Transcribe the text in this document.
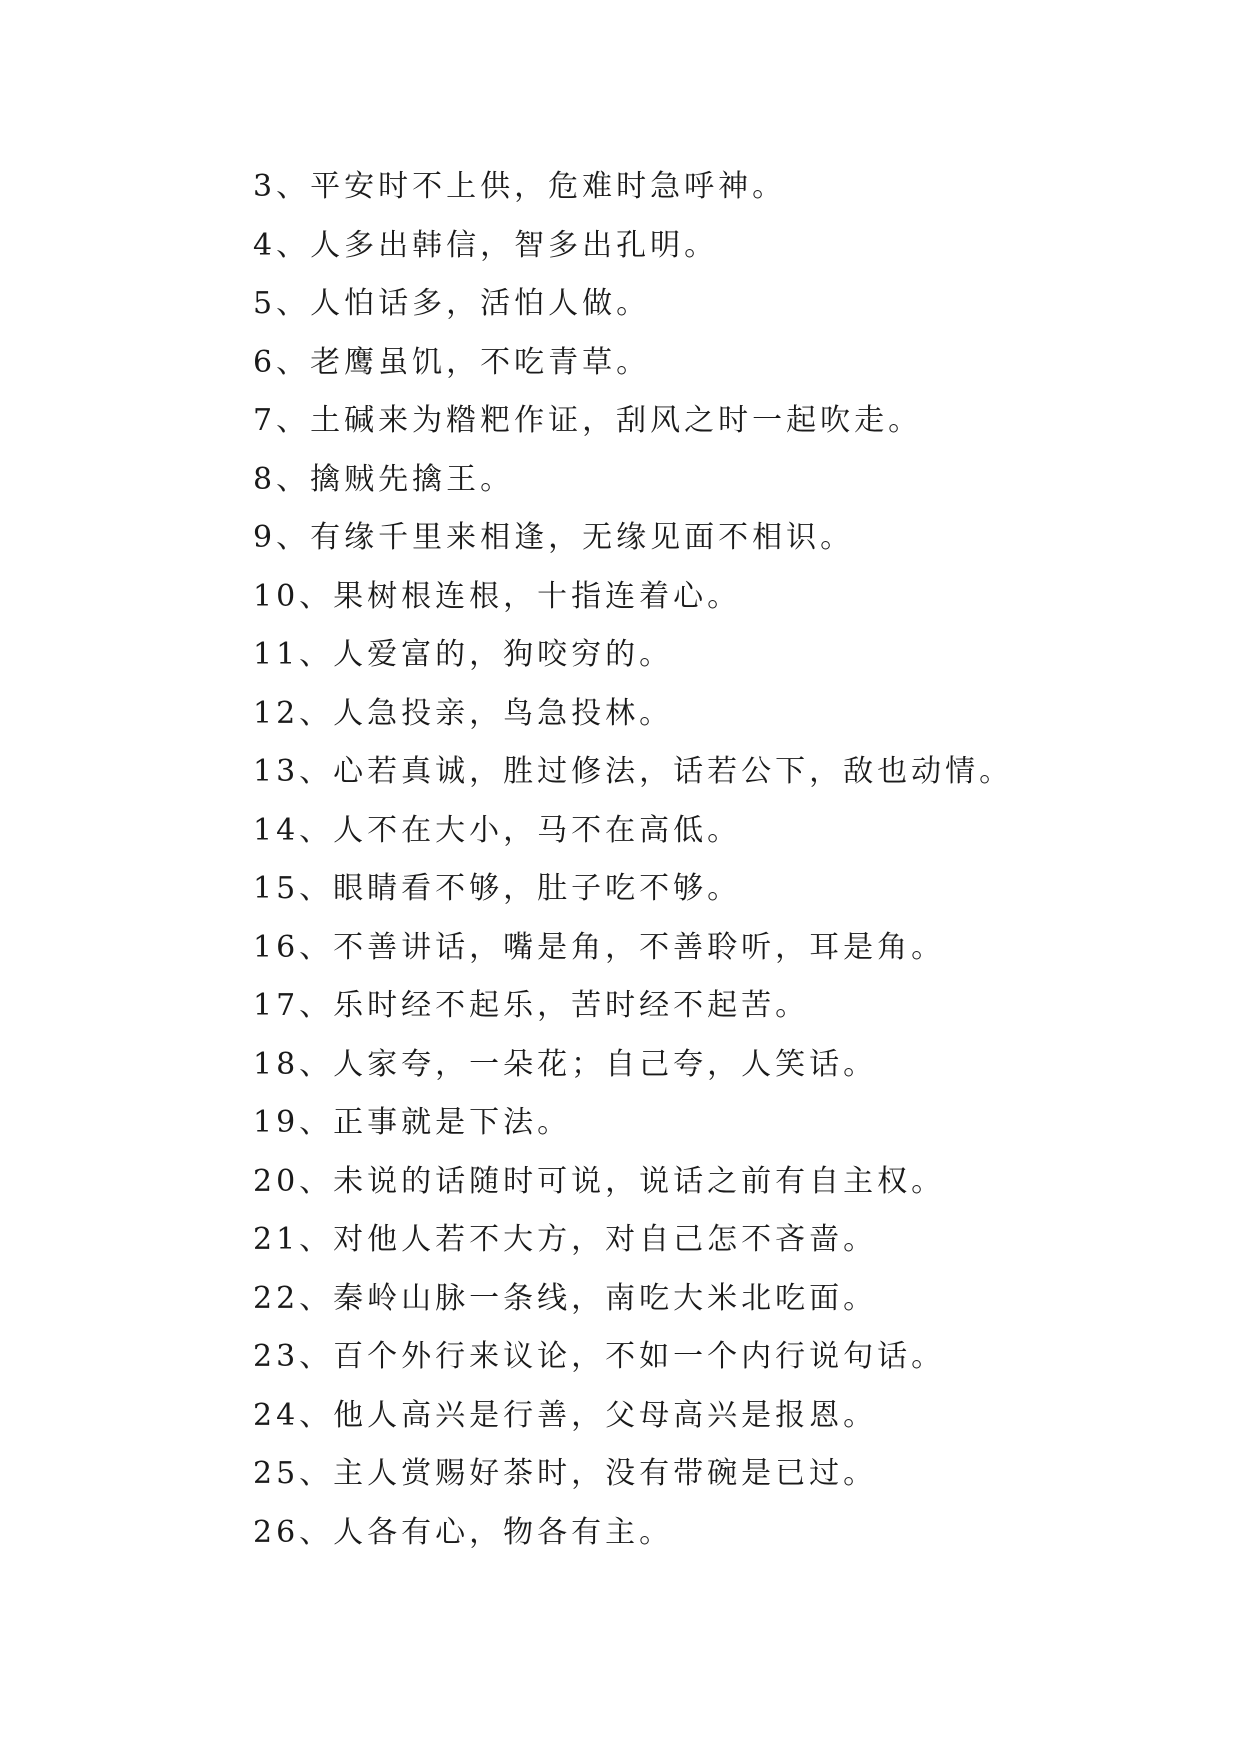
3、平安时不上供，危难时急呼神。
4、人多出韩信，智多出孔明。
5、人怕话多，活怕人做。
6、老鹰虽饥，不吃青草。
7、土碱来为糌粑作证，刮风之时一起吹走。
8、擒贼先擒王。
9、有缘千里来相逢，无缘见面不相识。
10、果树根连根，十指连着心。
11、人爱富的，狗咬穷的。
12、人急投亲，鸟急投林。
13、心若真诚，胜过修法，话若公下，敌也动情。
14、人不在大小，马不在高低。
15、眼睛看不够，肚子吃不够。
16、不善讲话，嘴是角，不善聆听，耳是角。
17、乐时经不起乐，苦时经不起苦。
18、人家夸，一朵花；自己夸，人笑话。
19、正事就是下法。
20、未说的话随时可说，说话之前有自主权。
21、对他人若不大方，对自己怎不吝啬。
22、秦岭山脉一条线，南吃大米北吃面。
23、百个外行来议论，不如一个内行说句话。
24、他人高兴是行善，父母高兴是报恩。
25、主人赏赐好茶时，没有带碗是已过。
26、人各有心，物各有主。
